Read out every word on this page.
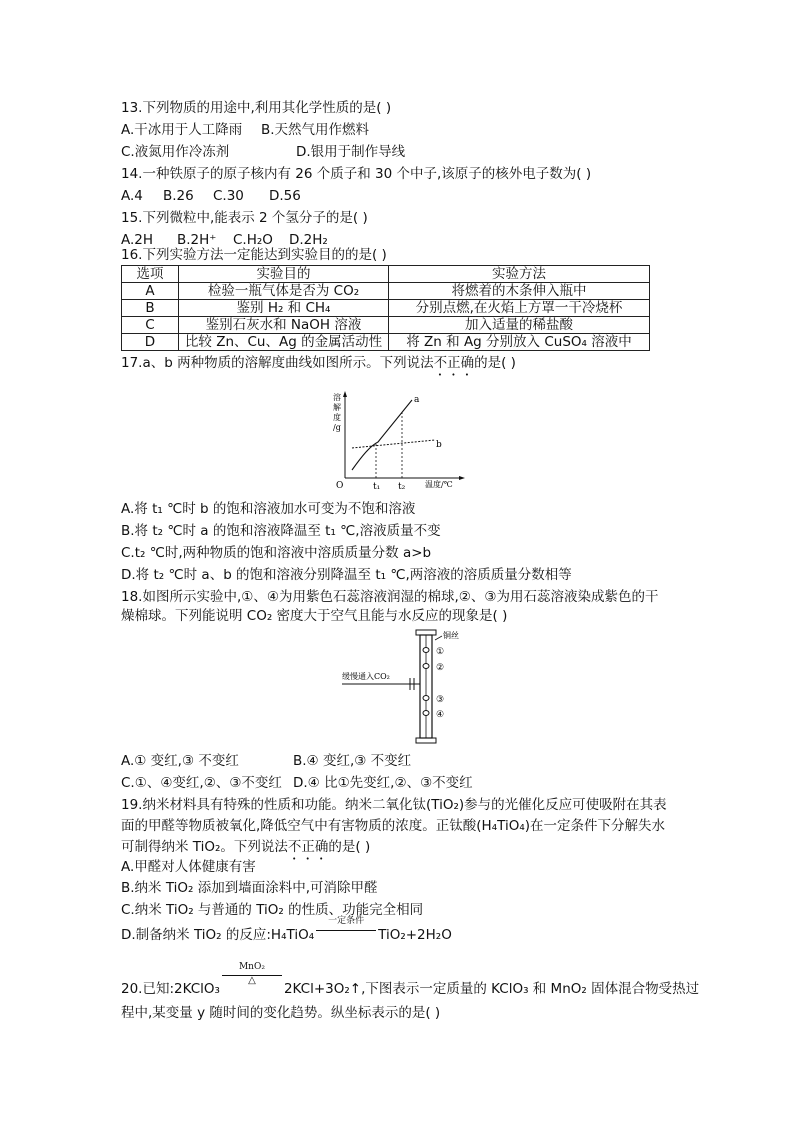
13.下列物质的用途中,利用其化学性质的是( )
A.干冰用于人工降雨 B.天然气用作燃料
C.液氮用作冷冻剂	D.银用于制作导线
14.一种铁原子的原子核内有 26 个质子和 30 个中子,该原子的核外电子数为( )
A.4 B.26 C.30 D.56
15.下列微粒中,能表示 2 个氢分子的是( )
A.2H B.2H⁺ C.H₂O D.2H₂
16.下列实验方法一定能达到实验目的的是( )
选项	实验目的	实验方法
A	检验一瓶气体是否为 CO₂	将燃着的木条伸入瓶中
B	鉴别 H₂ 和 CH₄	分别点燃,在火焰上方罩一干冷烧杯
C	鉴别石灰水和 NaOH 溶液	加入适量的稀盐酸
D	比较 Zn、Cu、Ag 的金属活动性	将 Zn 和 Ag 分别放入 CuSO₄ 溶液中
17.a、b 两种物质的溶解度曲线如图所示。下列说法不正确的是( )
溶
解
度
/g
O	t₁ t₂ 温度/℃
a
b
A.将 t₁ ℃时 b 的饱和溶液加水可变为不饱和溶液
B.将 t₂ ℃时 a 的饱和溶液降温至 t₁ ℃,溶液质量不变
C.t₂ ℃时,两种物质的饱和溶液中溶质质量分数 a>b
D.将 t₂ ℃时 a、b 的饱和溶液分别降温至 t₁ ℃,两溶液的溶质质量分数相等
18.如图所示实验中,①、④为用紫色石蕊溶液润湿的棉球,②、③为用石蕊溶液染成紫色的干
燥棉球。下列能说明 CO₂ 密度大于空气且能与水反应的现象是( )
铜丝
缓慢通入CO₂
①
②
③
④
A.① 变红,③ 不变红	B.④ 变红,③ 不变红
C.①、④变红,②、③不变红 D.④ 比①先变红,②、③不变红
19.纳米材料具有特殊的性质和功能。纳米二氧化钛(TiO₂)参与的光催化反应可使吸附在其表
面的甲醛等物质被氧化,降低空气中有害物质的浓度。正钛酸(H₄TiO₄)在一定条件下分解失水
可制得纳米 TiO₂。下列说法不正确的是( )
A.甲醛对人体健康有害
B.纳米 TiO₂ 添加到墙面涂料中,可消除甲醛
C.纳米 TiO₂ 与普通的 TiO₂ 的性质、功能完全相同
D.制备纳米 TiO₂ 的反应:H₄TiO₄
一定条件
TiO₂+2H₂O
20.已知:2KClO₃
MnO₂
△
2KCl+3O₂↑,下图表示一定质量的 KClO₃ 和 MnO₂ 固体混合物受热过
程中,某变量 y 随时间的变化趋势。纵坐标表示的是( )
